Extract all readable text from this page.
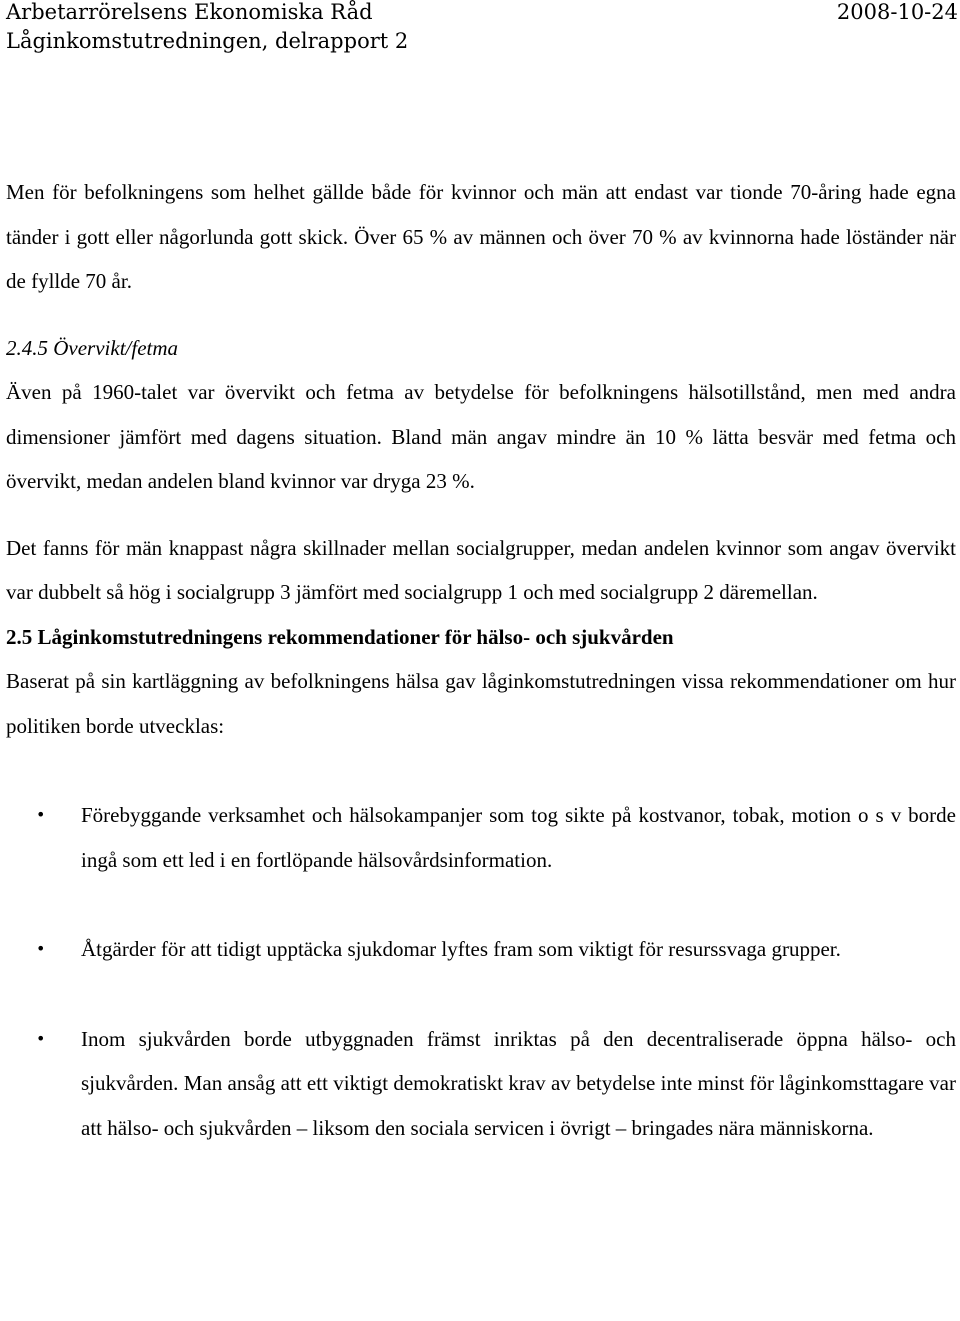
Arbetarrörelsens Ekonomiska Råd
Låginkomstutredningen, delrapport 2
2008-10-24

Men för befolkningens som helhet gällde både för kvinnor och män att endast var tionde 70-åring hade egna tänder i gott eller någorlunda gott skick. Över 65 % av männen och över 70 % av kvinnorna hade löständer när de fyllde 70 år.

2.4.5 Övervikt/fetma

Även på 1960-talet var övervikt och fetma av betydelse för befolkningens hälsotillstånd, men med andra dimensioner jämfört med dagens situation. Bland män angav mindre än 10 % lätta besvär med fetma och övervikt, medan andelen bland kvinnor var dryga 23 %.

Det fanns för män knappast några skillnader mellan socialgrupper, medan andelen kvinnor som angav övervikt var dubbelt så hög i socialgrupp 3 jämfört med socialgrupp 1 och med socialgrupp 2 däremellan.

2.5 Låginkomstutredningens rekommendationer för hälso- och sjukvården

Baserat på sin kartläggning av befolkningens hälsa gav låginkomstutredningen vissa rekommendationer om hur politiken borde utvecklas:

• Förebyggande verksamhet och hälsokampanjer som tog sikte på kostvanor, tobak, motion o s v borde ingå som ett led i en fortlöpande hälsovårdsinformation.
• Åtgärder för att tidigt upptäcka sjukdomar lyftes fram som viktigt för resurssvaga grupper.
• Inom sjukvården borde utbyggnaden främst inriktas på den decentraliserade öppna hälso- och sjukvården. Man ansåg att ett viktigt demokratiskt krav av betydelse inte minst för låginkomsttagare var att hälso- och sjukvården – liksom den sociala servicen i övrigt – bringades nära människorna.
